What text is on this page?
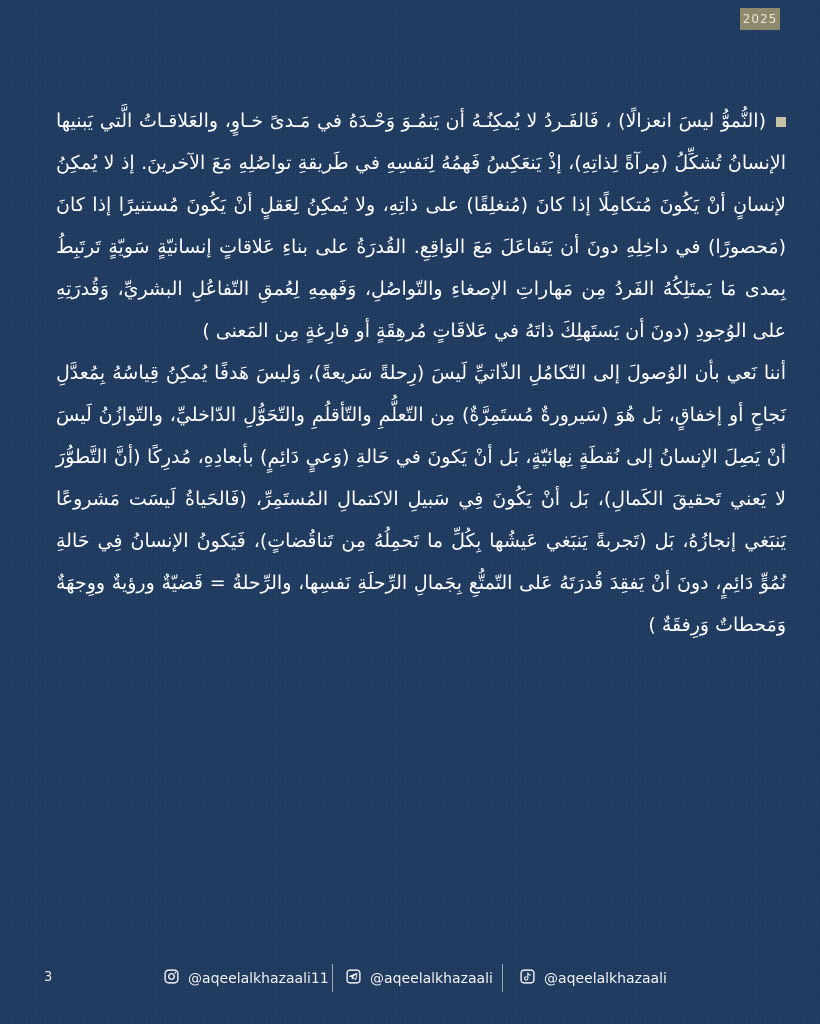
2025

(النُّموُّ ليسَ انعزالًا) ، فَالفَـردُ لا يُمكِنُـهُ أن يَنمُـوَ وَحْـدَهُ في مَـدىً خـاوٍ، والعَلاقـاتُ الَّتي يَبنيها الإنسانُ تُشكِّلُ (مِرآةً لِذاتِهِ)، إذْ يَنعَكِسُ فَهمُهُ لِنَفسِهِ في طَريقةِ تواصُلِهِ مَعَ الآخرينَ. إذ لا يُمكِنُ لإنسانٍ أنْ يَكُونَ مُتكامِلًا إذا كانَ (مُنغلِقًا) على ذاتِهِ، ولا يُمكِنُ لِعَقلٍ أنْ يَكُونَ مُستنيرًا إذا كانَ (مَحصورًا) في داخِلِهِ دونَ أن يَتَفاعَلَ مَعَ الوَاقِعِ. القُدرَةُ على بناءِ عَلاقاتٍ إنسانيّةٍ سَويّةٍ تَرتَبِطُ بِمدى مَا يَمتَلِكُهُ الفَردُ مِن مَهاراتِ الإصغاءِ والتّواصُلِ، وَفَهمِهِ لِعُمقِ التّفاعُلِ البشريِّ، وَقُدرَتِهِ على الوُجودِ (دونَ أن يَستَهلِكَ ذاتَهُ في عَلاقَاتٍ مُرهِقَةٍ أو فارِغةٍ مِن المَعنى )

أننا نَعي بأن الوُصولَ إلى التّكامُلِ الذّاتيِّ لَيسَ (رِحلةً سَريعةً)، وَليسَ هَدفًا يُمكِنُ قِياسُهُ بِمُعدَّلِ نَجاحٍ أو إخفاقٍ، بَل هُوَ (سَيرورةٌ مُستَمِرَّةٌ) مِن التّعلُّمِ والتّأقلُمِ والتّحَوُّلِ الدّاخليِّ، والتّوازُنُ لَيسَ أنْ يَصِلَ الإنسانُ إلى نُقطَةٍ نِهائيّةٍ، بَل أنْ يَكونَ في حَالةِ (وَعيٍ دَائِمٍ) بأبعادِهِ، مُدرِكًا (أنَّ التَّطوُّرَ لا يَعني تَحقيقَ الكَمالِ)، بَل أنْ يَكُونَ فِي سَبيلِ الاكتمالِ المُستَمِرِّ، (فَالحَياةُ لَيسَت مَشروعًا يَنبَغي إنجازُهُ، بَل (تَجربةً يَنبَغي عَيشُها بِكُلِّ ما تَحمِلُهُ مِن تَناقُضاتٍ)، فَيَكونُ الإنسانُ فِي حَالةِ نُمُوٍّ دَائِمٍ، دونَ أنْ يَفقِدَ قُدرَتَهُ عَلى التّمتُّعِ بِجَمالِ الرِّحلَةِ نَفسِها، والرِّحلةُ = قَضيّةٌ ورؤيةٌ ووِجهَةٌ وَمَحطاتٌ وَرِفقَةٌ )

3	@aqeelalkhazaali11	@aqeelalkhazaali	@aqeelalkhazaali
